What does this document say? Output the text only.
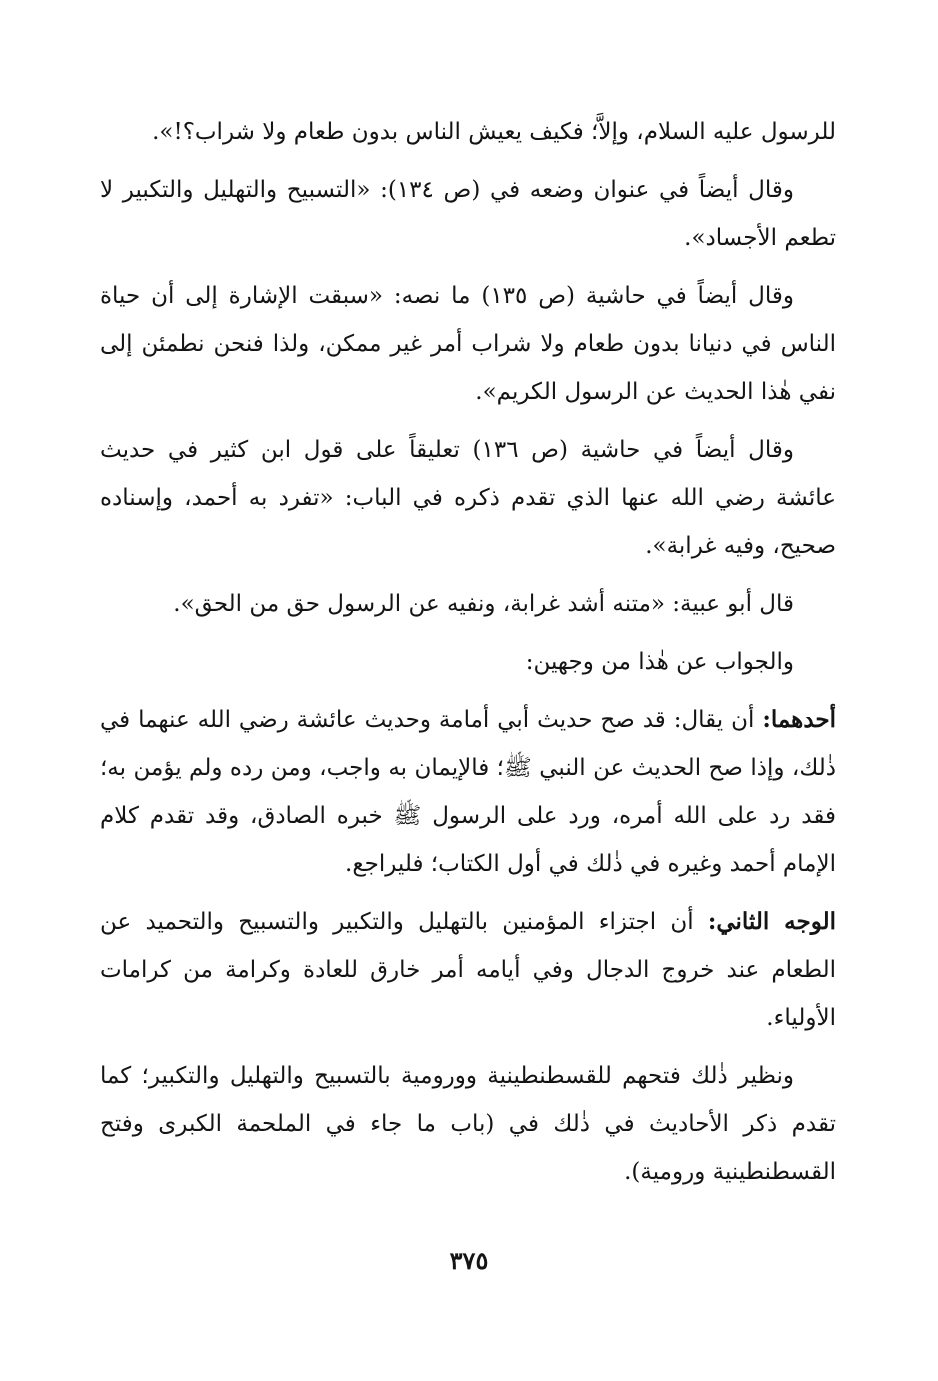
للرسول عليه السلام، وإلاَّ؛ فكيف يعيش الناس بدون طعام ولا شراب؟!».

وقال أيضاً في عنوان وضعه في (ص ١٣٤): «التسبيح والتهليل والتكبير لا تطعم الأجساد».

وقال أيضاً في حاشية (ص ١٣٥) ما نصه: «سبقت الإشارة إلى أن حياة الناس في دنيانا بدون طعام ولا شراب أمر غير ممكن، ولذا فنحن نطمئن إلى نفي هٰذا الحديث عن الرسول الكريم».

وقال أيضاً في حاشية (ص ١٣٦) تعليقاً على قول ابن كثير في حديث عائشة رضي الله عنها الذي تقدم ذكره في الباب: «تفرد به أحمد، وإسناده صحيح، وفيه غرابة».

قال أبو عبية: «متنه أشد غرابة، ونفيه عن الرسول حق من الحق».

والجواب عن هٰذا من وجهين:

أحدهما: أن يقال: قد صح حديث أبي أمامة وحديث عائشة رضي الله عنهما في ذٰلك، وإذا صح الحديث عن النبي ﷺ؛ فالإيمان به واجب، ومن رده ولم يؤمن به؛ فقد رد على الله أمره، ورد على الرسول ﷺ خبره الصادق، وقد تقدم كلام الإمام أحمد وغيره في ذٰلك في أول الكتاب؛ فليراجع.

الوجه الثاني: أن اجتزاء المؤمنين بالتهليل والتكبير والتسبيح والتحميد عن الطعام عند خروج الدجال وفي أيامه أمر خارق للعادة وكرامة من كرامات الأولياء.

ونظير ذٰلك فتحهم للقسطنطينية وورومية بالتسبيح والتهليل والتكبير؛ كما تقدم ذكر الأحاديث في ذٰلك في (باب ما جاء في الملحمة الكبرى وفتح القسطنطينية ورومية).

٣٧٥
